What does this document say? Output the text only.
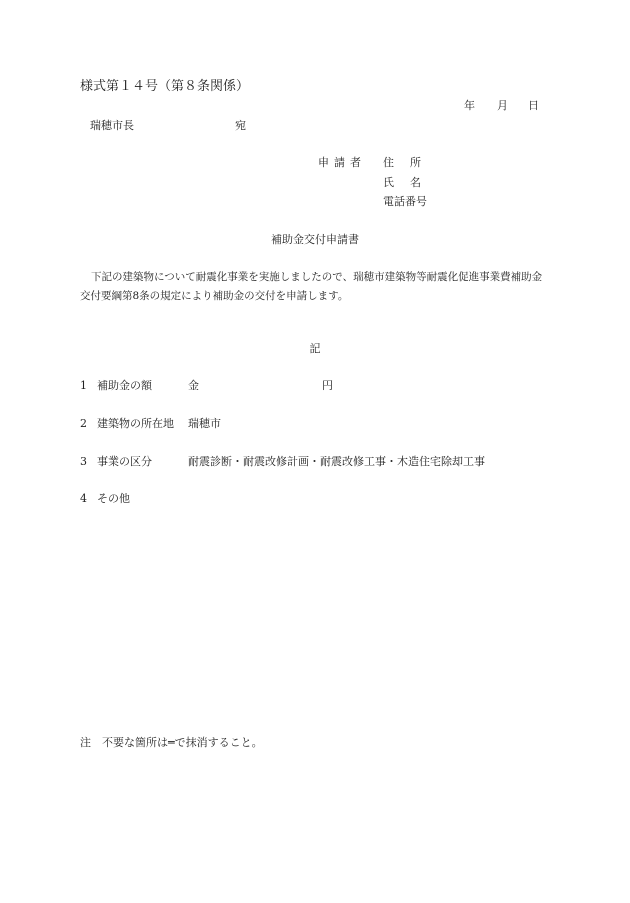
様式第１４号（第８条関係）
年 月 日
瑞穂市長	宛
申請者 住所
氏名
電話番号
補助金交付申請書
下記の建築物について耐震化事業を実施しましたので、瑞穂市建築物等耐震化促進事業費補助金交付要綱第8条の規定により補助金の交付を申請します。
記
1 補助金の額	金	円
2 建築物の所在地 瑞穂市
3 事業の区分	耐震診断・耐震改修計画・耐震改修工事・木造住宅除却工事
4 その他
注　不要な箇所は═で抹消すること。
